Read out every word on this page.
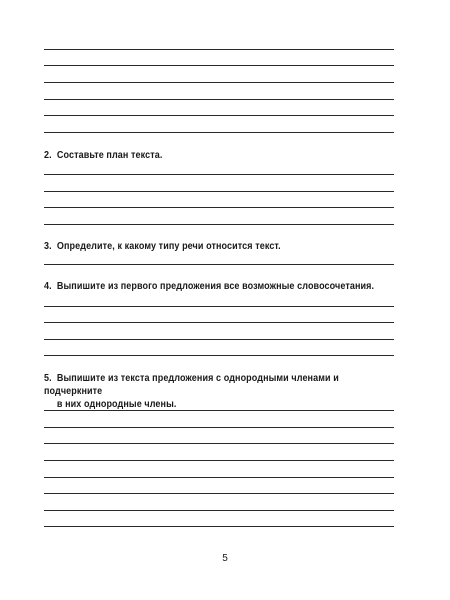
2. Составьте план текста.
3. Определите, к какому типу речи относится текст.
4. Выпишите из первого предложения все возможные словосочетания.
5. Выпишите из текста предложения с однородными членами и подчеркните
в них однородные члены.
5
